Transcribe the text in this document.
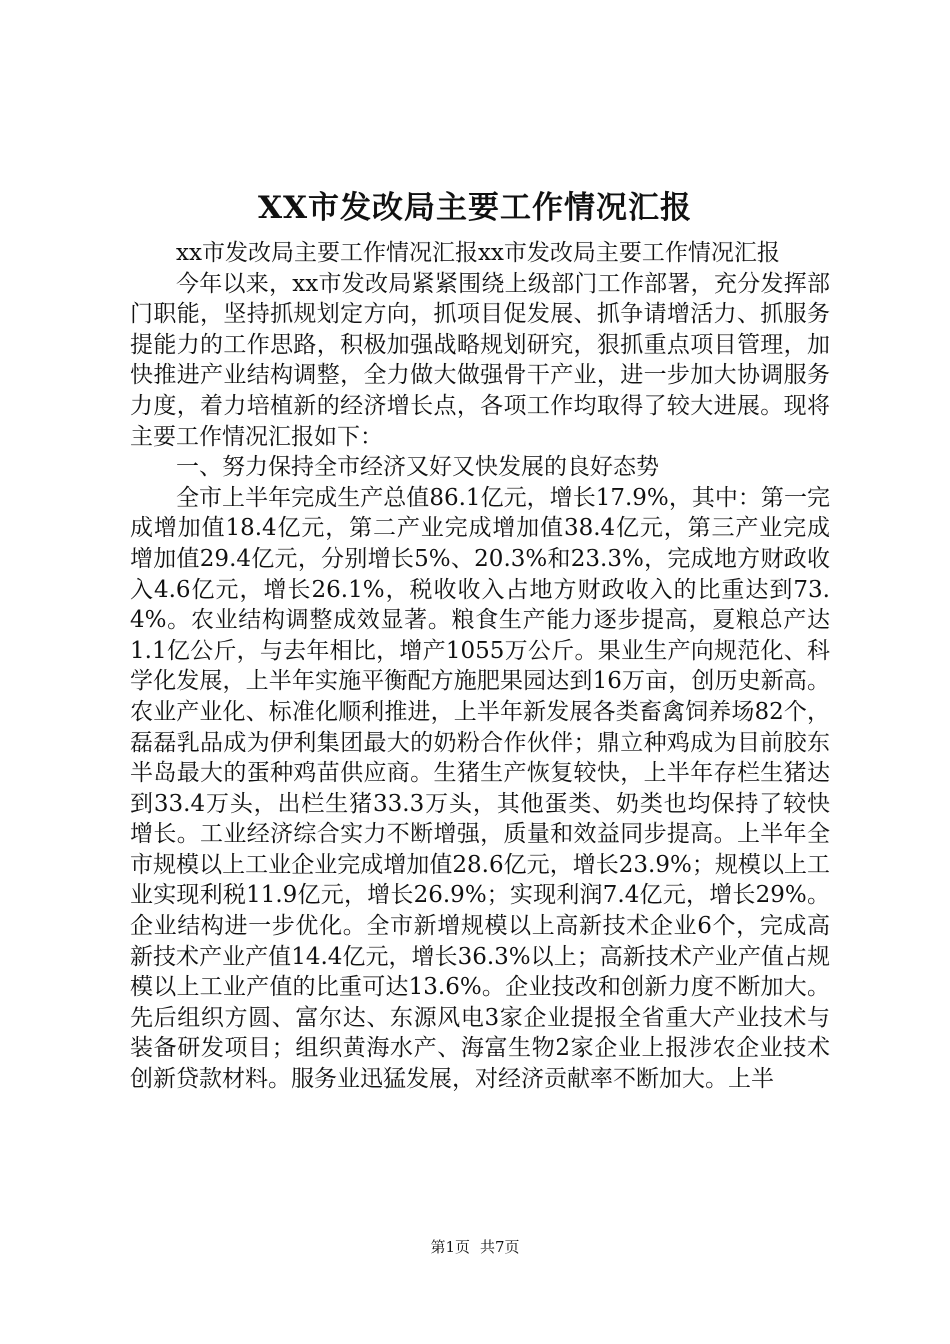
XX市发改局主要工作情况汇报

xx市发改局主要工作情况汇报xx市发改局主要工作情况汇报

今年以来，xx市发改局紧紧围绕上级部门工作部署，充分发挥部门职能，坚持抓规划定方向，抓项目促发展、抓争请增活力、抓服务提能力的工作思路，积极加强战略规划研究，狠抓重点项目管理，加快推进产业结构调整，全力做大做强骨干产业，进一步加大协调服务力度，着力培植新的经济增长点，各项工作均取得了较大进展。现将主要工作情况汇报如下：

一、努力保持全市经济又好又快发展的良好态势

全市上半年完成生产总值86.1亿元，增长17.9%，其中：第一完成增加值18.4亿元，第二产业完成增加值38.4亿元，第三产业完成增加值29.4亿元，分别增长5%、20.3%和23.3%，完成地方财政收入4.6亿元，增长26.1%，税收收入占地方财政收入的比重达到73.4%。农业结构调整成效显著。粮食生产能力逐步提高，夏粮总产达1.1亿公斤，与去年相比，增产1055万公斤。果业生产向规范化、科学化发展，上半年实施平衡配方施肥果园达到16万亩，创历史新高。农业产业化、标准化顺利推进，上半年新发展各类畜禽饲养场82个，磊磊乳品成为伊利集团最大的奶粉合作伙伴；鼎立种鸡成为目前胶东半岛最大的蛋种鸡苗供应商。生猪生产恢复较快，上半年存栏生猪达到33.4万头，出栏生猪33.3万头，其他蛋类、奶类也均保持了较快增长。工业经济综合实力不断增强，质量和效益同步提高。上半年全市规模以上工业企业完成增加值28.6亿元，增长23.9%；规模以上工业实现利税11.9亿元，增长26.9%；实现利润7.4亿元，增长29%。企业结构进一步优化。全市新增规模以上高新技术企业6个，完成高新技术产业产值14.4亿元，增长36.3%以上；高新技术产业产值占规模以上工业产值的比重可达13.6%。企业技改和创新力度不断加大。先后组织方圆、富尔达、东源风电3家企业提报全省重大产业技术与装备研发项目；组织黄海水产、海富生物2家企业上报涉农企业技术创新贷款材料。服务业迅猛发展，对经济贡献率不断加大。上半

第1页 共7页
